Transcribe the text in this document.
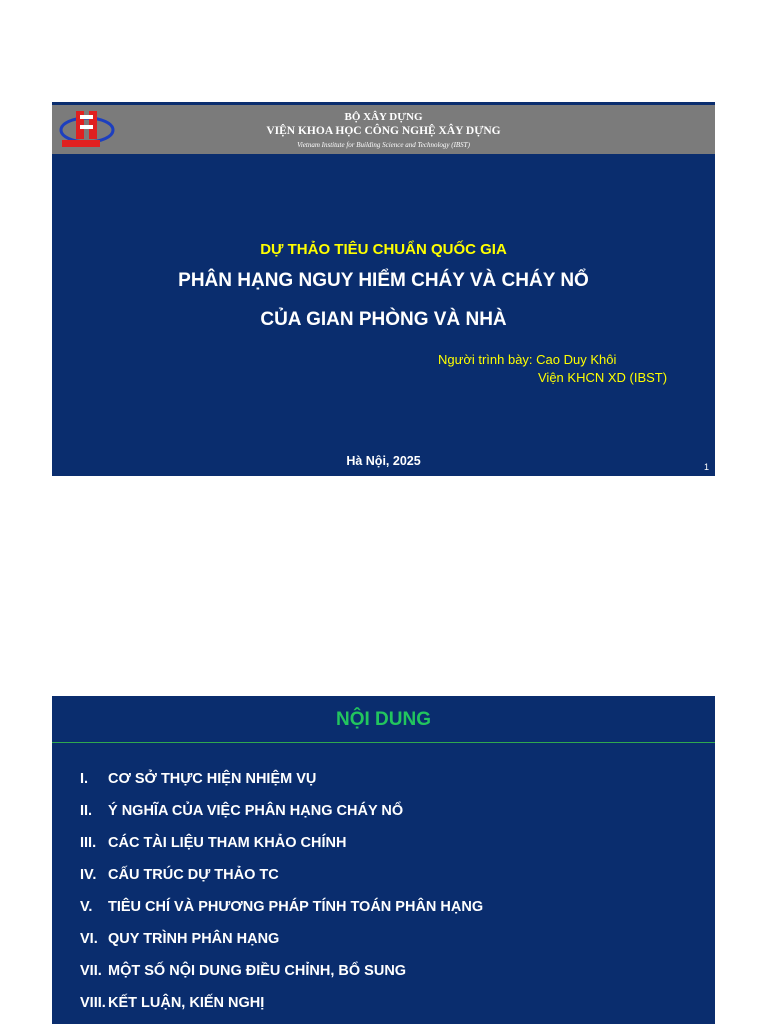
BỘ XÂY DỰNG
VIỆN KHOA HỌC CÔNG NGHỆ XÂY DỰNG
Vietnam Institute for Building Science and Technology (IBST)
DỰ THẢO TIÊU CHUẨN QUỐC GIA
PHÂN HẠNG NGUY HIỂM CHÁY VÀ CHÁY NỔ
CỦA GIAN PHÒNG VÀ NHÀ
Người trình bày: Cao Duy Khôi
Viện KHCN XD (IBST)
Hà Nội, 2025	1
NỘI DUNG
I. CƠ SỞ THỰC HIỆN NHIỆM VỤ
II. Ý NGHĨA CỦA VIỆC PHÂN HẠNG CHÁY NỔ
III. CÁC TÀI LIỆU THAM KHẢO CHÍNH
IV. CẤU TRÚC DỰ THẢO TC
V. TIÊU CHÍ VÀ PHƯƠNG PHÁP TÍNH TOÁN PHÂN HẠNG
VI. QUY TRÌNH PHÂN HẠNG
VII. MỘT SỐ NỘI DUNG ĐIỀU CHỈNH, BỔ SUNG
VIII. KẾT LUẬN, KIẾN NGHỊ
